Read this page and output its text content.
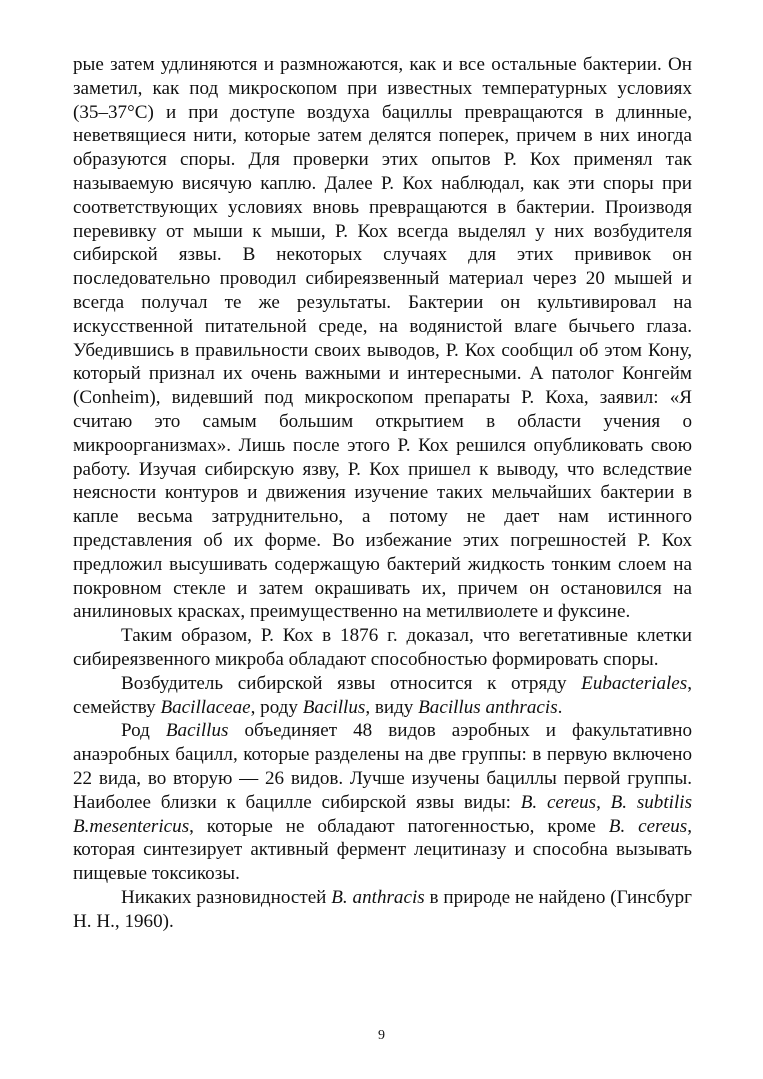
рые затем удлиняются и размножаются, как и все остальные бактерии. Он заметил, как под микроскопом при известных температурных условиях (35–37°С) и при доступе воздуха бациллы превращаются в длинные, неветвящиеся нити, которые затем делятся поперек, причем в них иногда образуются споры. Для проверки этих опытов Р. Кох применял так называемую висячую каплю. Далее Р. Кох наблюдал, как эти споры при соответствующих условиях вновь превращаются в бактерии. Производя перевивку от мыши к мыши, Р. Кох всегда выделял у них возбудителя сибирской язвы. В некоторых случаях для этих прививок он последовательно проводил сибиреязвенный материал через 20 мышей и всегда получал те же результаты. Бактерии он культивировал на искусственной питательной среде, на водянистой влаге бычьего глаза. Убедившись в правильности своих выводов, Р. Кох сообщил об этом Кону, который признал их очень важными и интересными. А патолог Конгейм (Conheim), видевший под микроскопом препараты Р. Коха, заявил: «Я считаю это самым большим открытием в области учения о микроорганизмах». Лишь после этого Р. Кох решился опубликовать свою работу. Изучая сибирскую язву, Р. Кох пришел к выводу, что вследствие неясности контуров и движения изучение таких мельчайших бактерии в капле весьма затруднительно, а потому не дает нам истинного представления об их форме. Во избежание этих погрешностей Р. Кох предложил высушивать содержащую бактерий жидкость тонким слоем на покровном стекле и затем окрашивать их, причем он остановился на анилиновых красках, преимущественно на метилвиолете и фуксине.

Таким образом, Р. Кох в 1876 г. доказал, что вегетативные клетки сибиреязвенного микроба обладают способностью формировать споры.

Возбудитель сибирской язвы относится к отряду Eubacteriales, семейству Bacillaceae, роду Bacillus, виду Bacillus anthracis.

Род Bacillus объединяет 48 видов аэробных и факультативно анаэробных бацилл, которые разделены на две группы: в первую включено 22 вида, во вторую — 26 видов. Лучше изучены бациллы первой группы. Наиболее близки к бацилле сибирской язвы виды: B. cereus, B. subtilis B.mesentericus, которые не обладают патогенностью, кроме B. cereus, которая синтезирует активный фермент лецитиназу и способна вызывать пищевые токсикозы.

Никаких разновидностей B. anthracis в природе не найдено (Гинсбург Н. Н., 1960).

9
